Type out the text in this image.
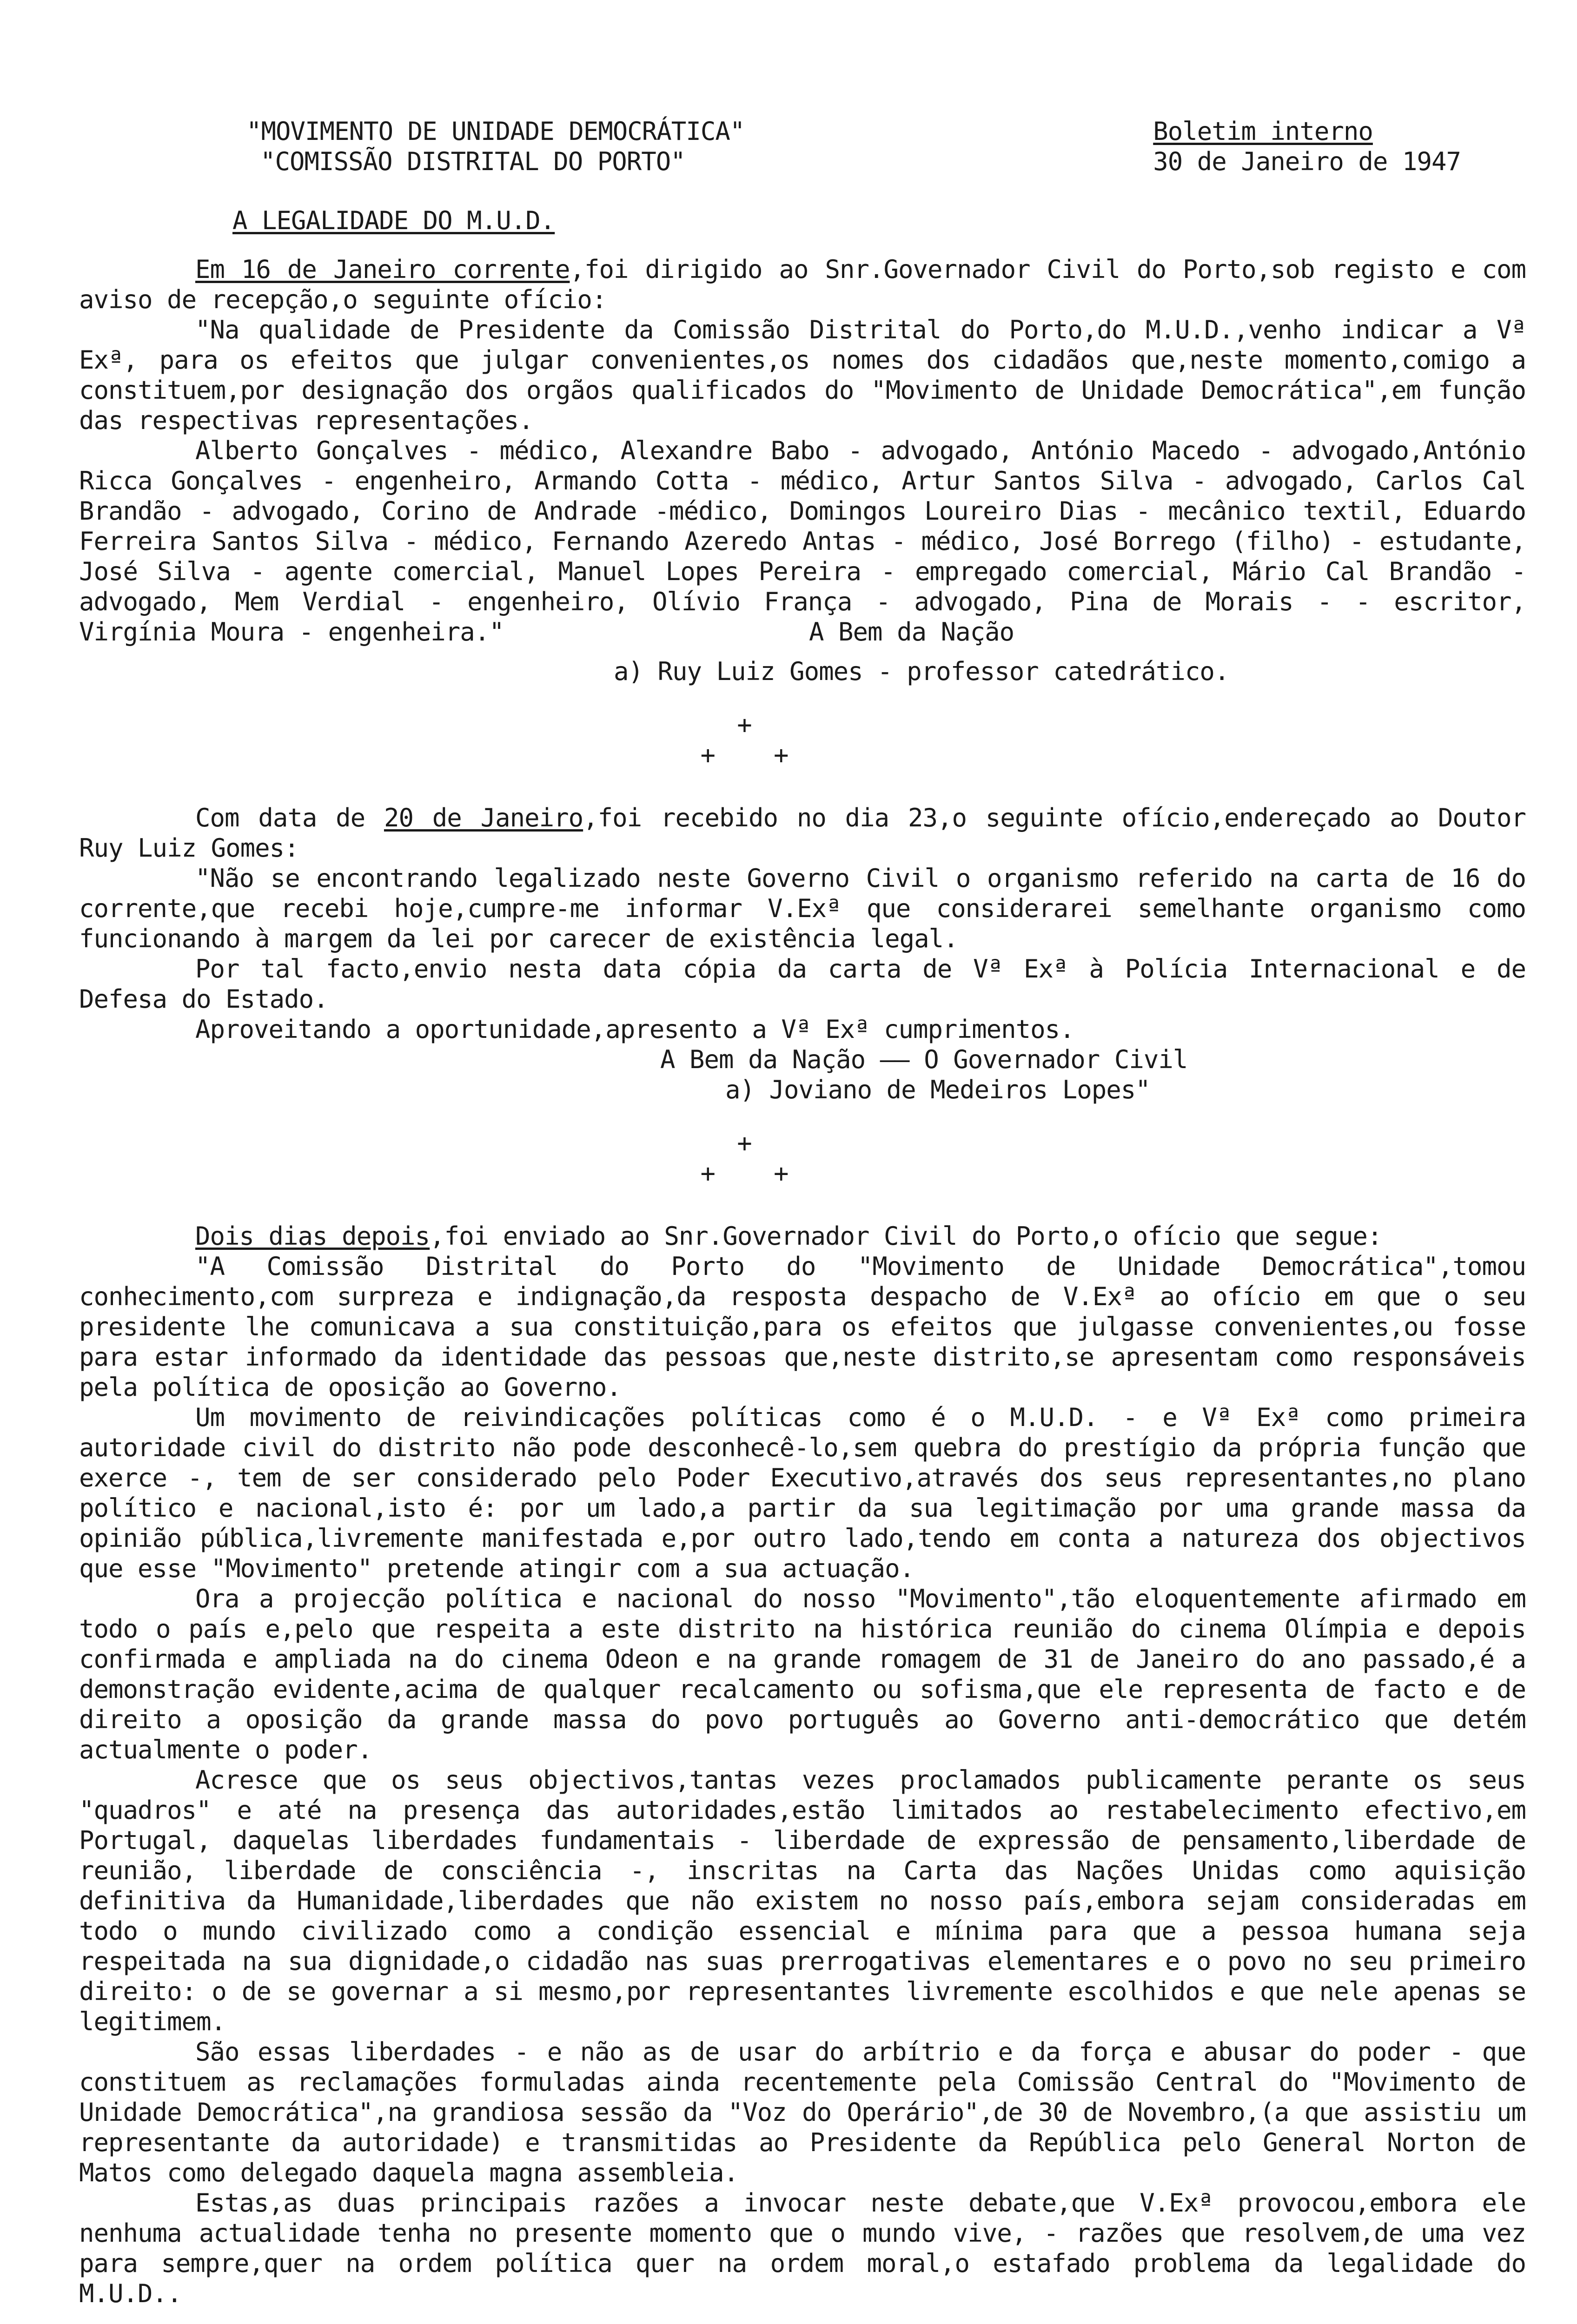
"MOVIMENTO DE UNIDADE DEMOCRÁTICA"
"COMISSÃO DISTRITAL DO PORTO"
Boletim interno
30 de Janeiro de 1947
A LEGALIDADE DO M.U.D.

Em 16 de Janeiro corrente,foi dirigido ao Snr.Governador Civil do Porto,sob registo e com aviso de recepção,o seguinte ofício:

"Na qualidade de Presidente da Comissão Distrital do Porto,do M.U.D.,venho indicar a Vª Exª, para os efeitos que julgar convenientes,os nomes dos cidadãos que,neste momento,comigo a constituem,por designação dos orgãos qualificados do "Movimento de Unidade Democrática",em função das respectivas representações.

Alberto Gonçalves - médico, Alexandre Babo - advogado, António Macedo - advogado,António Ricca Gonçalves - engenheiro, Armando Cotta - médico, Artur Santos Silva - advogado, Carlos Cal Brandão - advogado, Corino de Andrade -médico, Domingos Loureiro Dias - mecânico textil, Eduardo Ferreira Santos Silva - médico, Fernando Azeredo Antas - médico, José Borrego (filho) - estudante, José Silva - agente comercial, Manuel Lopes Pereira - empregado comercial, Mário Cal Brandão - advogado, Mem Verdial - engenheiro, Olívio França - advogado, Pina de Morais - - escritor, Virgínia Moura - engenheira."	A Bem da Nação

a) Ruy Luiz Gomes - professor catedrático.

+
+    +

Com data de 20 de Janeiro,foi recebido no dia 23,o seguinte ofício,endereçado ao Doutor Ruy Luiz Gomes:

"Não se encontrando legalizado neste Governo Civil o organismo referido na carta de 16 do corrente,que recebi hoje,cumpre-me informar V.Exª que considerarei semelhante organismo como funcionando à margem da lei por carecer de existência legal.

Por tal facto,envio nesta data cópia da carta de Vª Exª à Polícia Internacional e de Defesa do Estado.

Aproveitando a oportunidade,apresento a Vª Exª cumprimentos.

A Bem da Nação —— O Governador Civil

a) Joviano de Medeiros Lopes"

+
+    +

Dois dias depois,foi enviado ao Snr.Governador Civil do Porto,o ofício que segue:

"A Comissão Distrital do Porto do "Movimento de Unidade Democrática",tomou conhecimento,com surpreza e indignação,da resposta despacho de V.Exª ao ofício em que o seu presidente lhe comunicava a sua constituição,para os efeitos que julgasse convenientes,ou fosse para estar informado da identidade das pessoas que,neste distrito,se apresentam como responsáveis pela política de oposição ao Governo.

Um movimento de reivindicações políticas como é o M.U.D. - e Vª Exª como primeira autoridade civil do distrito não pode desconhecê-lo,sem quebra do prestígio da própria função que exerce -, tem de ser considerado pelo Poder Executivo,através dos seus representantes,no plano político e nacional,isto é: por um lado,a partir da sua legitimação por uma grande massa da opinião pública,livremente manifestada e,por outro lado,tendo em conta a natureza dos objectivos que esse "Movimento" pretende atingir com a sua actuação.

Ora a projecção política e nacional do nosso "Movimento",tão eloquentemente afirmado em todo o país e,pelo que respeita a este distrito na histórica reunião do cinema Olímpia e depois confirmada e ampliada na do cinema Odeon e na grande romagem de 31 de Janeiro do ano passado,é a demonstração evidente,acima de qualquer recalcamento ou sofisma,que ele representa de facto e de direito a oposição da grande massa do povo português ao Governo anti-democrático que detém actualmente o poder.

Acresce que os seus objectivos,tantas vezes proclamados publicamente perante os seus "quadros" e até na presença das autoridades,estão limitados ao restabelecimento efectivo,em Portugal, daquelas liberdades fundamentais - liberdade de expressão de pensamento,liberdade de reunião, liberdade de consciência -, inscritas na Carta das Nações Unidas como aquisição definitiva da Humanidade,liberdades que não existem no nosso país,embora sejam consideradas em todo o mundo civilizado como a condição essencial e mínima para que a pessoa humana seja respeitada na sua dignidade,o cidadão nas suas prerrogativas elementares e o povo no seu primeiro direito: o de se governar a si mesmo,por representantes livremente escolhidos e que nele apenas se legitimem.

São essas liberdades - e não as de usar do arbítrio e da força e abusar do poder - que constituem as reclamações formuladas ainda recentemente pela Comissão Central do "Movimento de Unidade Democrática",na grandiosa sessão da "Voz do Operário",de 30 de Novembro,(a que assistiu um representante da autoridade) e transmitidas ao Presidente da República pelo General Norton de Matos como delegado daquela magna assembleia.

Estas,as duas principais razões a invocar neste debate,que V.Exª provocou,embora ele nenhuma actualidade tenha no presente momento que o mundo vive, - razões que resolvem,de uma vez para sempre,quer na ordem política quer na ordem moral,o estafado problema da legalidade do M.U.D..
